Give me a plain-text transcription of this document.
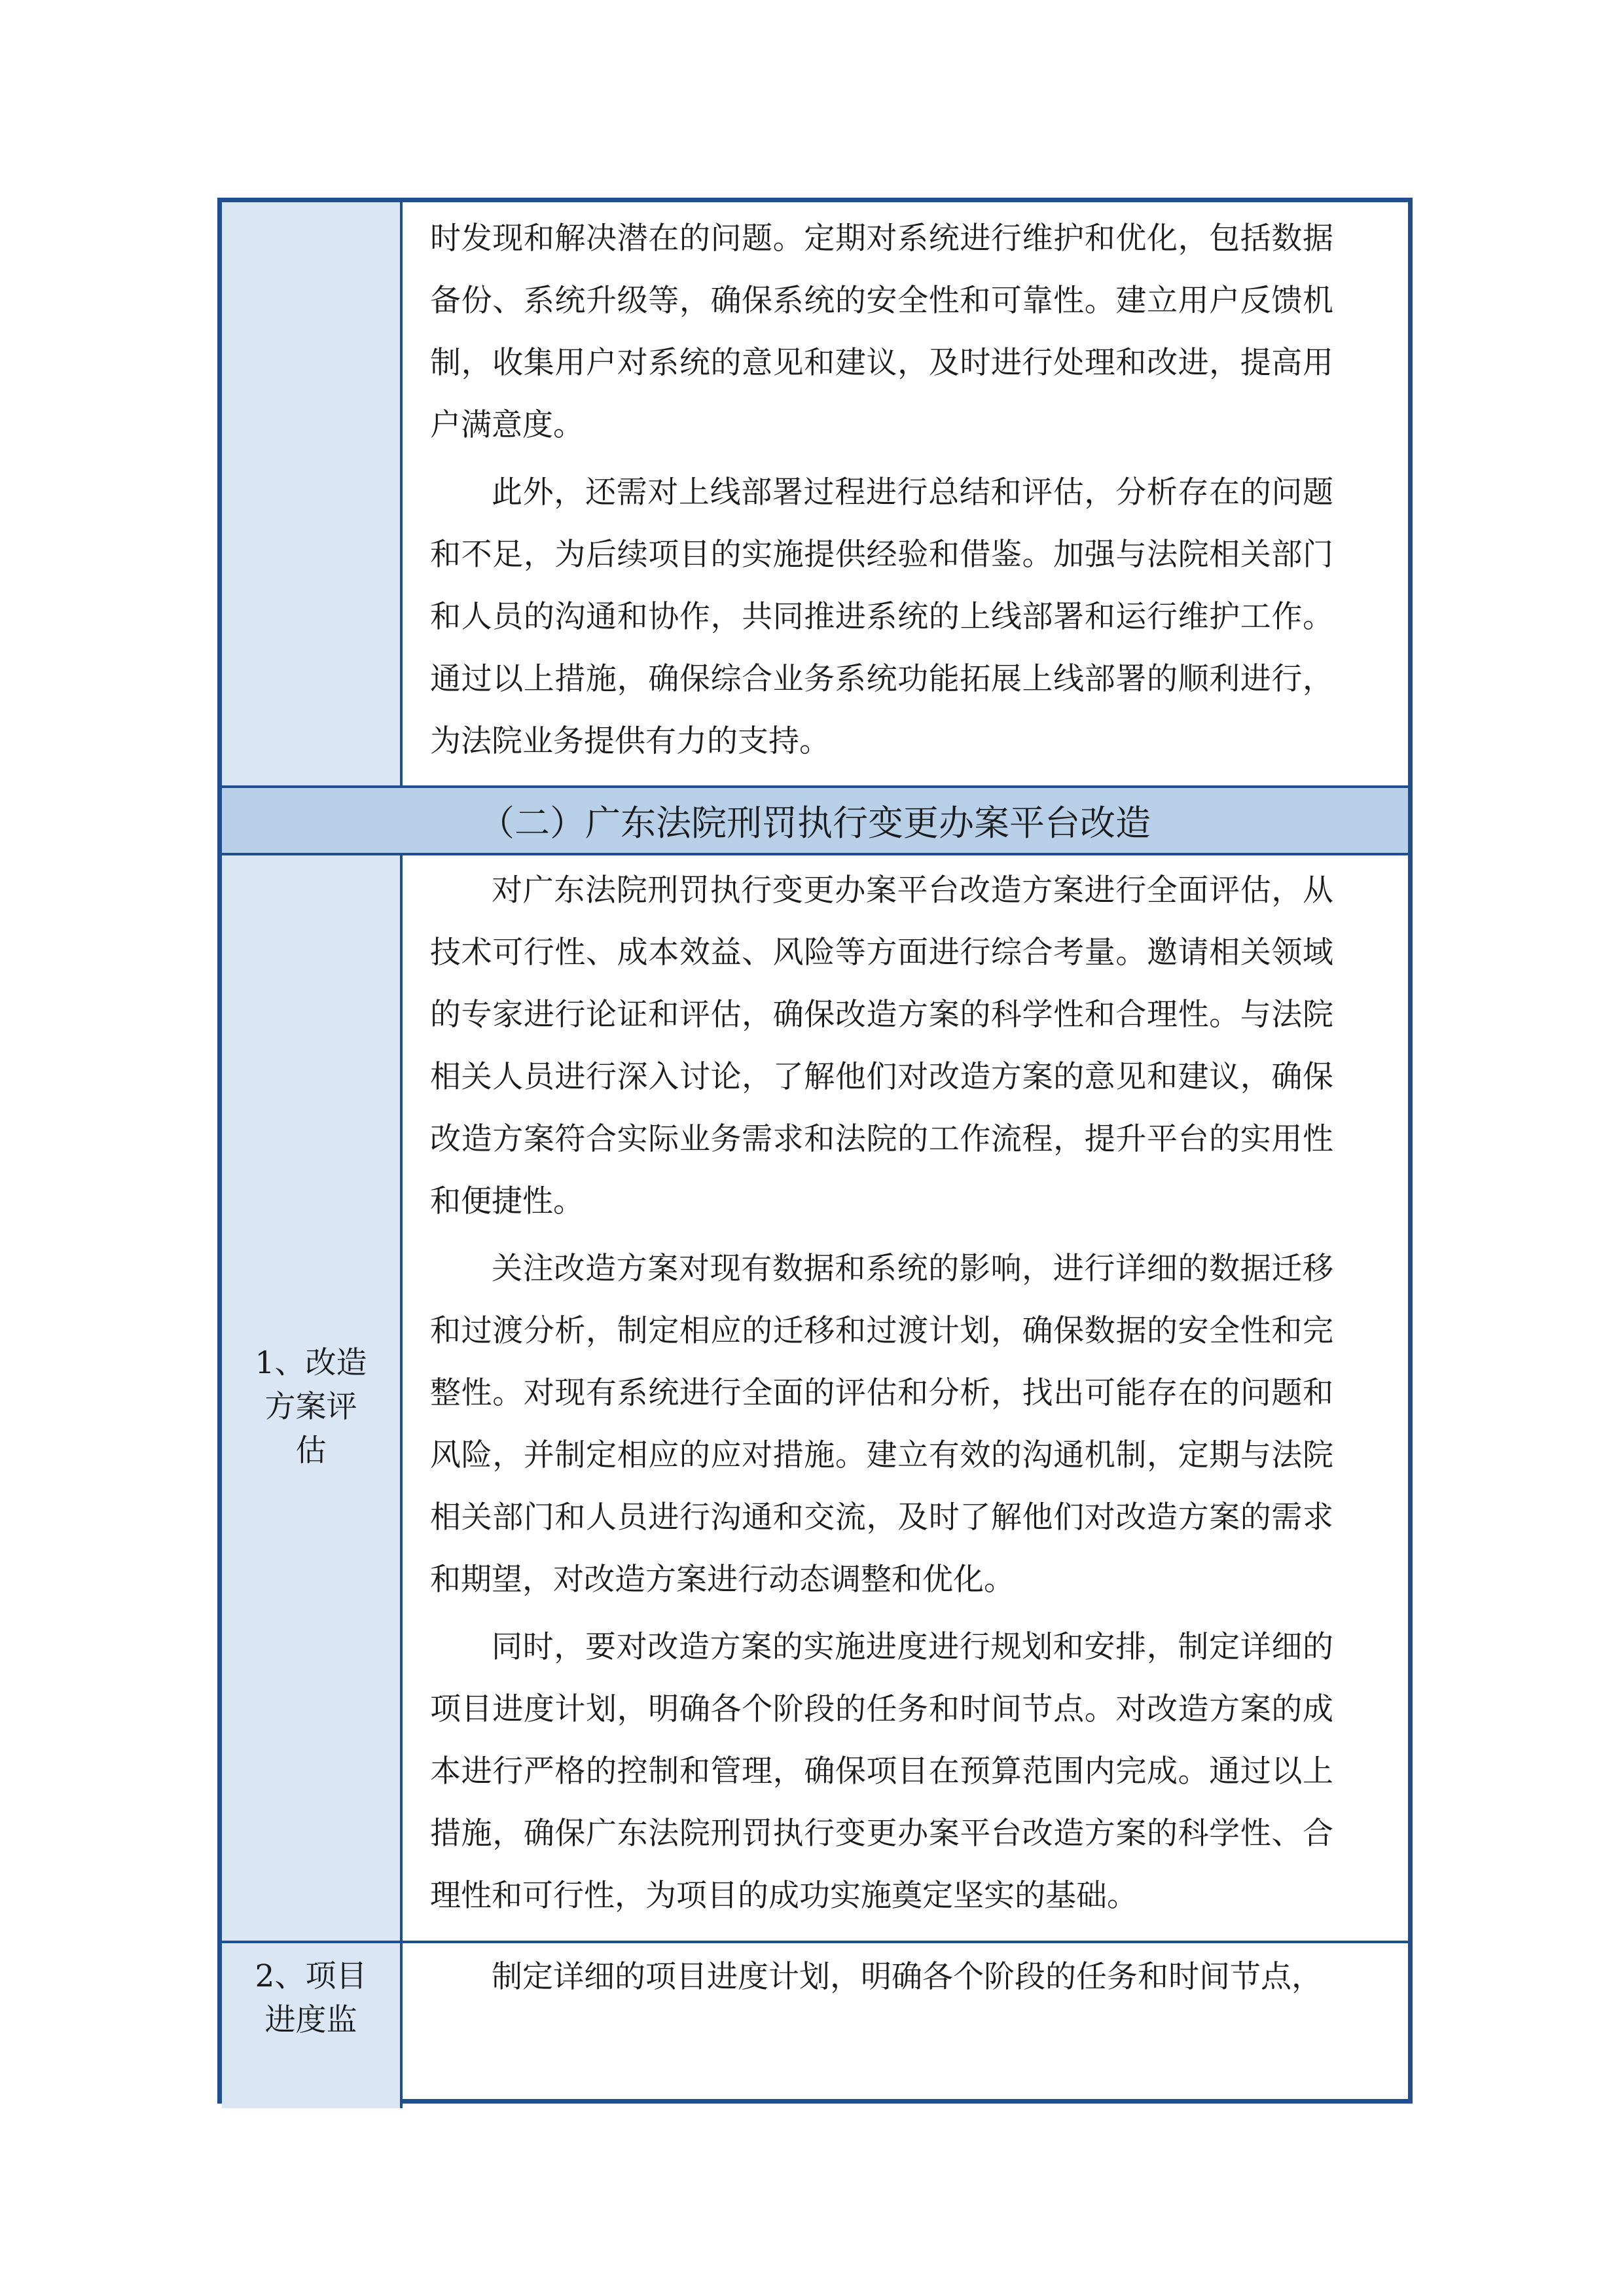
时发现和解决潜在的问题。定期对系统进行维护和优化，包括数据备份、系统升级等，确保系统的安全性和可靠性。建立用户反馈机制，收集用户对系统的意见和建议，及时进行处理和改进，提高用户满意度。

此外，还需对上线部署过程进行总结和评估，分析存在的问题和不足，为后续项目的实施提供经验和借鉴。加强与法院相关部门和人员的沟通和协作，共同推进系统的上线部署和运行维护工作。通过以上措施，确保综合业务系统功能拓展上线部署的顺利进行，为法院业务提供有力的支持。

（二）广东法院刑罚执行变更办案平台改造
1、改造
方案评
估

对广东法院刑罚执行变更办案平台改造方案进行全面评估，从技术可行性、成本效益、风险等方面进行综合考量。邀请相关领域的专家进行论证和评估，确保改造方案的科学性和合理性。与法院相关人员进行深入讨论，了解他们对改造方案的意见和建议，确保改造方案符合实际业务需求和法院的工作流程，提升平台的实用性和便捷性。

关注改造方案对现有数据和系统的影响，进行详细的数据迁移和过渡分析，制定相应的迁移和过渡计划，确保数据的安全性和完整性。对现有系统进行全面的评估和分析，找出可能存在的问题和风险，并制定相应的应对措施。建立有效的沟通机制，定期与法院相关部门和人员进行沟通和交流，及时了解他们对改造方案的需求和期望，对改造方案进行动态调整和优化。

同时，要对改造方案的实施进度进行规划和安排，制定详细的项目进度计划，明确各个阶段的任务和时间节点。对改造方案的成本进行严格的控制和管理，确保项目在预算范围内完成。通过以上措施，确保广东法院刑罚执行变更办案平台改造方案的科学性、合理性和可行性，为项目的成功实施奠定坚实的基础。

2、项目
进度监

制定详细的项目进度计划，明确各个阶段的任务和时间节点，
